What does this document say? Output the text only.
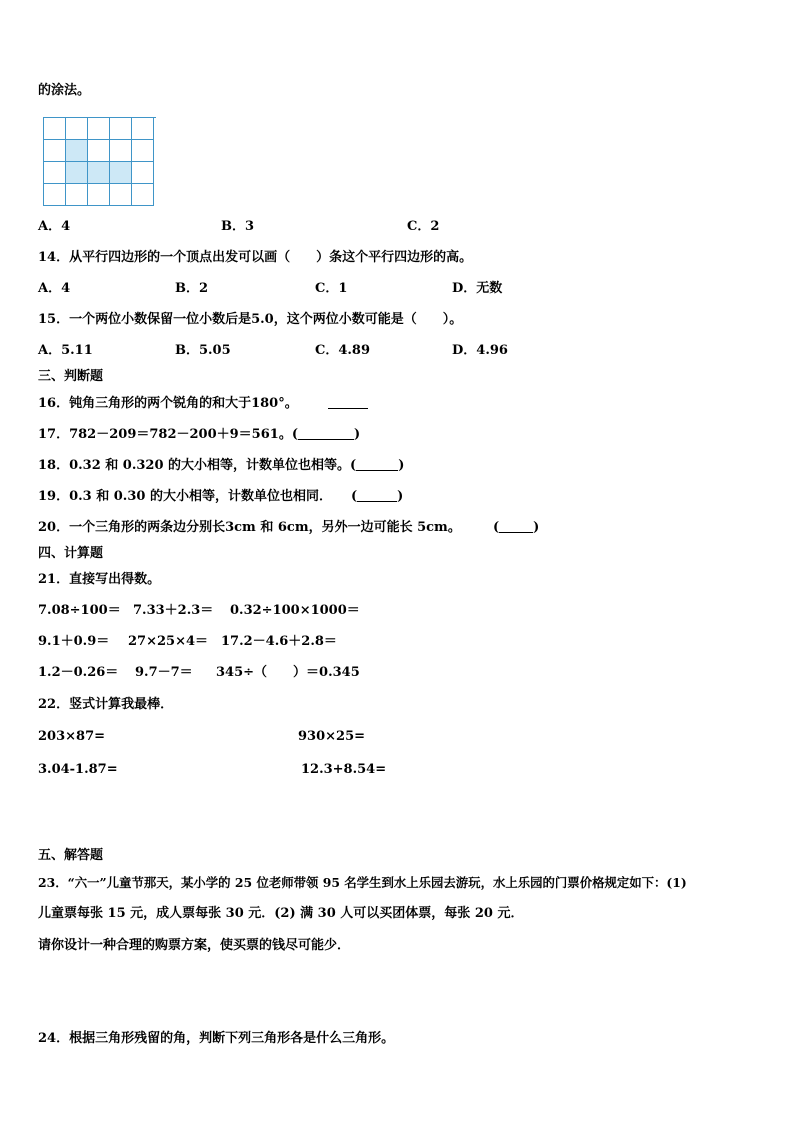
的涂法。
A．4	B．3	C．2
14．从平行四边形的一个顶点出发可以画（　　）条这个平行四边形的高。
A．4	B．2	C．1	D．无数
15．一个两位小数保留一位小数后是5.0，这个两位小数可能是（　　）。
A．5.11	B．5.05	C．4.89	D．4.96
三、判断题
16．钝角三角形的两个锐角的和大于180°。
17．782－209＝782－200＋9＝561。(	)
18．0.32 和 0.320 的大小相等，计数单位也相等。(	)
19．0.3 和 0.30 的大小相等，计数单位也相同． (	)
20．一个三角形的两条边分别长3cm 和 6cm，另外一边可能长 5cm。 (	)
四、计算题
21．直接写出得数。
7.08÷100＝ 7.33＋2.3＝ 0.32÷100×1000＝
9.1＋0.9＝ 27×25×4＝ 17.2－4.6＋2.8＝
1.2－0.26＝ 9.7－7＝ 345÷（　　）＝0.345
22．竖式计算我最棒．
203×87=	930×25=
3.04-1.87=	12.3+8.54=
五、解答题
23．“六一”儿童节那天，某小学的 25 位老师带领 95 名学生到水上乐园去游玩，水上乐园的门票价格规定如下：(1)
儿童票每张 15 元，成人票每张 30 元．(2) 满 30 人可以买团体票，每张 20 元．
请你设计一种合理的购票方案，使买票的钱尽可能少．
24．根据三角形残留的角，判断下列三角形各是什么三角形。
